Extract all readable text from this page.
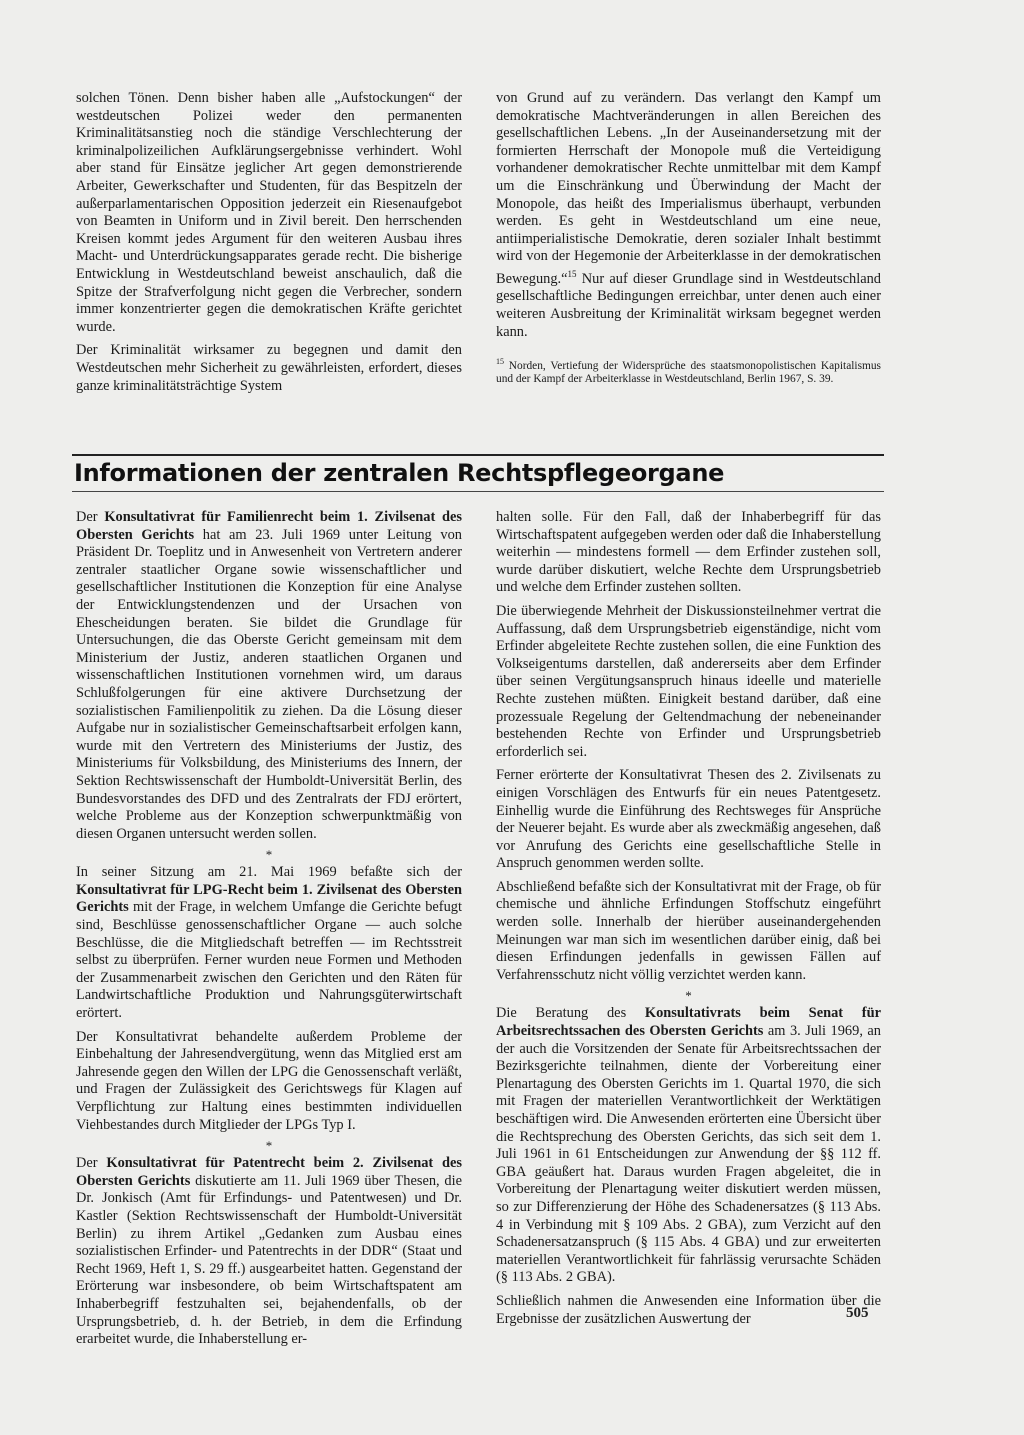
solchen Tönen. Denn bisher haben alle „Aufstockungen“ der westdeutschen Polizei weder den permanenten Kriminalitätsanstieg noch die ständige Verschlechterung der kriminalpolizeilichen Aufklärungsergebnisse verhindert. Wohl aber stand für Einsätze jeglicher Art gegen demonstrierende Arbeiter, Gewerkschafter und Studenten, für das Bespitzeln der außerparlamentarischen Opposition jederzeit ein Riesenaufgebot von Beamten in Uniform und in Zivil bereit. Den herrschenden Kreisen kommt jedes Argument für den weiteren Ausbau ihres Macht- und Unterdrückungsapparates gerade recht. Die bisherige Entwicklung in Westdeutschland beweist anschaulich, daß die Spitze der Strafverfolgung nicht gegen die Verbrecher, sondern immer konzentrierter gegen die demokratischen Kräfte gerichtet wurde.

Der Kriminalität wirksamer zu begegnen und damit den Westdeutschen mehr Sicherheit zu gewährleisten, erfordert, dieses ganze kriminalitätsträchtige System

von Grund auf zu verändern. Das verlangt den Kampf um demokratische Machtveränderungen in allen Bereichen des gesellschaftlichen Lebens. „In der Auseinandersetzung mit der formierten Herrschaft der Monopole muß die Verteidigung vorhandener demokratischer Rechte unmittelbar mit dem Kampf um die Einschränkung und Überwindung der Macht der Monopole, das heißt des Imperialismus überhaupt, verbunden werden. Es geht in Westdeutschland um eine neue, antiimperialistische Demokratie, deren sozialer Inhalt bestimmt wird von der Hegemonie der Arbeiterklasse in der demokratischen Bewegung.“$^{15}$ Nur auf dieser Grundlage sind in Westdeutschland gesellschaftliche Bedingungen erreichbar, unter denen auch einer weiteren Ausbreitung der Kriminalität wirksam begegnet werden kann.

$^{15}$ Norden, Vertiefung der Widersprüche des staatsmonopolistischen Kapitalismus und der Kampf der Arbeiterklasse in Westdeutschland, Berlin 1967, S. 39.
Informationen der zentralen Rechtspflegeorgane

Der Konsultativrat für Familienrecht beim 1. Zivilsenat des Obersten Gerichts hat am 23. Juli 1969 unter Leitung von Präsident Dr. Toeplitz und in Anwesenheit von Vertretern anderer zentraler staatlicher Organe sowie wissenschaftlicher und gesellschaftlicher Institutionen die Konzeption für eine Analyse der Entwicklungstendenzen und der Ursachen von Ehescheidungen beraten. Sie bildet die Grundlage für Untersuchungen, die das Oberste Gericht gemeinsam mit dem Ministerium der Justiz, anderen staatlichen Organen und wissenschaftlichen Institutionen vornehmen wird, um daraus Schlußfolgerungen für eine aktivere Durchsetzung der sozialistischen Familienpolitik zu ziehen. Da die Lösung dieser Aufgabe nur in sozialistischer Gemeinschaftsarbeit erfolgen kann, wurde mit den Vertretern des Ministeriums der Justiz, des Ministeriums für Volksbildung, des Ministeriums des Innern, der Sektion Rechtswissenschaft der Humboldt-Universität Berlin, des Bundesvorstandes des DFD und des Zentralrats der FDJ erörtert, welche Probleme aus der Konzeption schwerpunktmäßig von diesen Organen untersucht werden sollen.

*

In seiner Sitzung am 21. Mai 1969 befaßte sich der Konsultativrat für LPG-Recht beim 1. Zivilsenat des Obersten Gerichts mit der Frage, in welchem Umfange die Gerichte befugt sind, Beschlüsse genossenschaftlicher Organe — auch solche Beschlüsse, die die Mitgliedschaft betreffen — im Rechtsstreit selbst zu überprüfen. Ferner wurden neue Formen und Methoden der Zusammenarbeit zwischen den Gerichten und den Räten für Landwirtschaftliche Produktion und Nahrungsgüterwirtschaft erörtert.

Der Konsultativrat behandelte außerdem Probleme der Einbehaltung der Jahresendvergütung, wenn das Mitglied erst am Jahresende gegen den Willen der LPG die Genossenschaft verläßt, und Fragen der Zulässigkeit des Gerichtswegs für Klagen auf Verpflichtung zur Haltung eines bestimmten individuellen Viehbestandes durch Mitglieder der LPGs Typ I.

*

Der Konsultativrat für Patentrecht beim 2. Zivilsenat des Obersten Gerichts diskutierte am 11. Juli 1969 über Thesen, die Dr. Jonkisch (Amt für Erfindungs- und Patentwesen) und Dr. Kastler (Sektion Rechtswissenschaft der Humboldt-Universität Berlin) zu ihrem Artikel „Gedanken zum Ausbau eines sozialistischen Erfinder- und Patentrechts in der DDR“ (Staat und Recht 1969, Heft 1, S. 29 ff.) ausgearbeitet hatten. Gegenstand der Erörterung war insbesondere, ob beim Wirtschaftspatent am Inhaberbegriff festzuhalten sei, bejahendenfalls, ob der Ursprungsbetrieb, d. h. der Betrieb, in dem die Erfindung erarbeitet wurde, die Inhaberstellung er-

halten solle. Für den Fall, daß der Inhaberbegriff für das Wirtschaftspatent aufgegeben werden oder daß die Inhaberstellung weiterhin — mindestens formell — dem Erfinder zustehen soll, wurde darüber diskutiert, welche Rechte dem Ursprungsbetrieb und welche dem Erfinder zustehen sollten.

Die überwiegende Mehrheit der Diskussionsteilnehmer vertrat die Auffassung, daß dem Ursprungsbetrieb eigenständige, nicht vom Erfinder abgeleitete Rechte zustehen sollen, die eine Funktion des Volkseigentums darstellen, daß andererseits aber dem Erfinder über seinen Vergütungsanspruch hinaus ideelle und materielle Rechte zustehen müßten. Einigkeit bestand darüber, daß eine prozessuale Regelung der Geltendmachung der nebeneinander bestehenden Rechte von Erfinder und Ursprungsbetrieb erforderlich sei.

Ferner erörterte der Konsultativrat Thesen des 2. Zivilsenats zu einigen Vorschlägen des Entwurfs für ein neues Patentgesetz. Einhellig wurde die Einführung des Rechtsweges für Ansprüche der Neuerer bejaht. Es wurde aber als zweckmäßig angesehen, daß vor Anrufung des Gerichts eine gesellschaftliche Stelle in Anspruch genommen werden sollte.

Abschließend befaßte sich der Konsultativrat mit der Frage, ob für chemische und ähnliche Erfindungen Stoffschutz eingeführt werden solle. Innerhalb der hierüber auseinandergehenden Meinungen war man sich im wesentlichen darüber einig, daß bei diesen Erfindungen jedenfalls in gewissen Fällen auf Verfahrensschutz nicht völlig verzichtet werden kann.

*

Die Beratung des Konsultativrats beim Senat für Arbeitsrechtssachen des Obersten Gerichts am 3. Juli 1969, an der auch die Vorsitzenden der Senate für Arbeitsrechtssachen der Bezirksgerichte teilnahmen, diente der Vorbereitung einer Plenartagung des Obersten Gerichts im 1. Quartal 1970, die sich mit Fragen der materiellen Verantwortlichkeit der Werktätigen beschäftigen wird. Die Anwesenden erörterten eine Übersicht über die Rechtsprechung des Obersten Gerichts, das sich seit dem 1. Juli 1961 in 61 Entscheidungen zur Anwendung der §§ 112 ff. GBA geäußert hat. Daraus wurden Fragen abgeleitet, die in Vorbereitung der Plenartagung weiter diskutiert werden müssen, so zur Differenzierung der Höhe des Schadenersatzes (§ 113 Abs. 4 in Verbindung mit § 109 Abs. 2 GBA), zum Verzicht auf den Schadenersatzanspruch (§ 115 Abs. 4 GBA) und zur erweiterten materiellen Verantwortlichkeit für fahrlässig verursachte Schäden (§ 113 Abs. 2 GBA).

Schließlich nahmen die Anwesenden eine Information über die Ergebnisse der zusätzlichen Auswertung der	505
